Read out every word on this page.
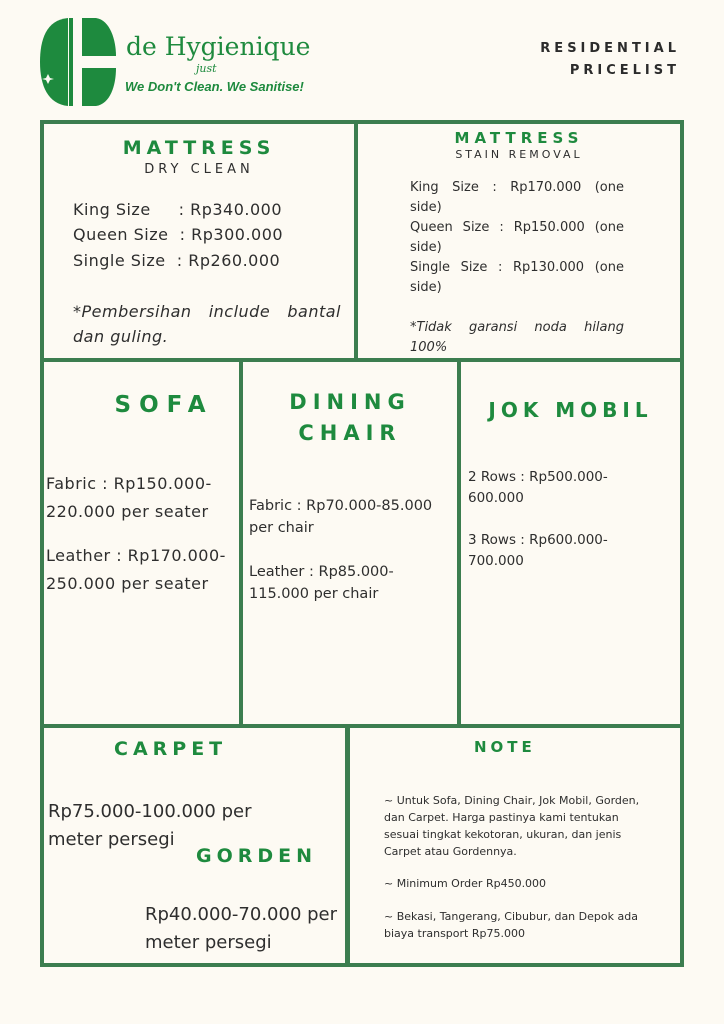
de Hygienique
just
We Don't Clean. We Sanitise!
RESIDENTIAL
PRICELIST
MATTRESS
DRY CLEAN
King Size     : Rp340.000
Queen Size  : Rp300.000
Single Size  : Rp260.000
*Pembersihan include bantal dan guling.
MATTRESS
STAIN REMOVAL
King Size : Rp170.000 (one side)
Queen Size : Rp150.000 (one side)
Single Size : Rp130.000 (one side)
*Tidak garansi noda hilang 100%
SOFA
Fabric : Rp150.000-220.000 per seater
Leather : Rp170.000-250.000 per seater
DINING
CHAIR
Fabric : Rp70.000-85.000 per chair
Leather : Rp85.000-115.000 per chair
JOK MOBIL
2 Rows : Rp500.000-600.000
3 Rows : Rp600.000-700.000
CARPET
Rp75.000-100.000 per meter persegi
GORDEN
Rp40.000-70.000 per meter persegi
NOTE
~ Untuk Sofa, Dining Chair, Jok Mobil, Gorden, dan Carpet. Harga pastinya kami tentukan sesuai tingkat kekotoran, ukuran, dan jenis Carpet atau Gordennya.
~ Minimum Order Rp450.000
~ Bekasi, Tangerang, Cibubur, dan Depok ada biaya transport Rp75.000
